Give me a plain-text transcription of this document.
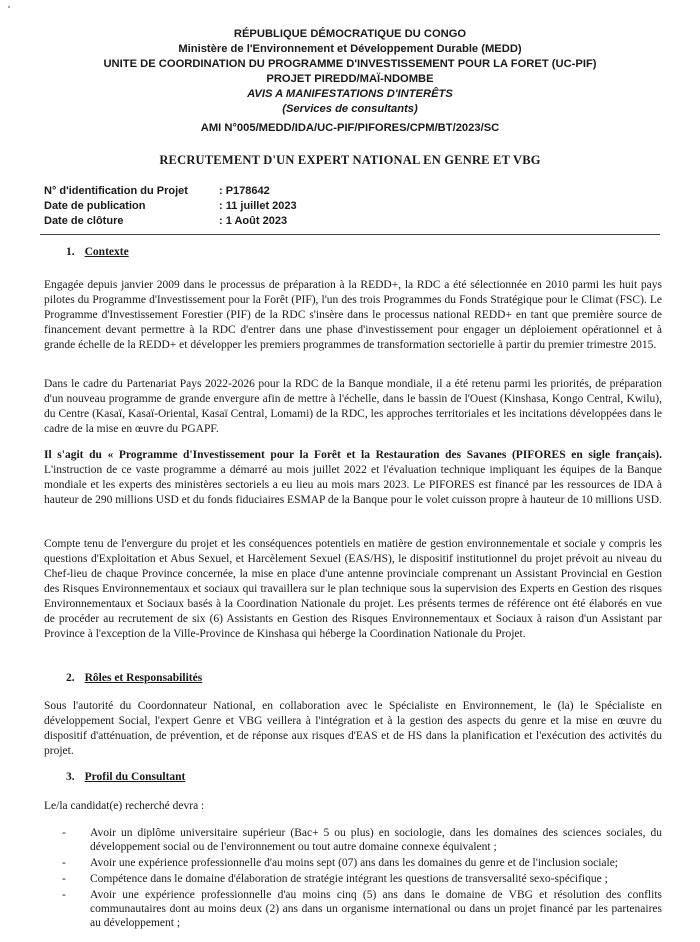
RÉPUBLIQUE DÉMOCRATIQUE DU CONGO
Ministère de l'Environnement et Développement Durable (MEDD)
UNITE DE COORDINATION DU PROGRAMME D'INVESTISSEMENT POUR LA FORET (UC-PIF)
PROJET PIREDD/MAÏ-NDOMBE
AVIS A MANIFESTATIONS D'INTERÊTS
(Services de consultants)
AMI N°005/MEDD/IDA/UC-PIF/PIFORES/CPM/BT/2023/SC
RECRUTEMENT D'UN EXPERT NATIONAL EN GENRE ET VBG
N° d'identification du Projet	: P178642
Date de publication	: 11 juillet 2023
Date de clôture	: 1 Août 2023
1. Contexte
Engagée depuis janvier 2009 dans le processus de préparation à la REDD+, la RDC a été sélectionnée en 2010 parmi les huit pays pilotes du Programme d'Investissement pour la Forêt (PIF), l'un des trois Programmes du Fonds Stratégique pour le Climat (FSC). Le Programme d'Investissement Forestier (PIF) de la RDC s'insère dans le processus national REDD+ en tant que première source de financement devant permettre à la RDC d'entrer dans une phase d'investissement pour engager un déploiement opérationnel et à grande échelle de la REDD+ et développer les premiers programmes de transformation sectorielle à partir du premier trimestre 2015.
Dans le cadre du Partenariat Pays 2022-2026 pour la RDC de la Banque mondiale, il a été retenu parmi les priorités, de préparation d'un nouveau programme de grande envergure afin de mettre à l'échelle, dans le bassin de l'Ouest (Kinshasa, Kongo Central, Kwilu), du Centre (Kasaï, Kasaï-Oriental, Kasaï Central, Lomami) de la RDC, les approches territoriales et les incitations développées dans le cadre de la mise en œuvre du PGAPF.
Il s'agit du « Programme d'Investissement pour la Forêt et la Restauration des Savanes (PIFORES en sigle français). L'instruction de ce vaste programme a démarré au mois juillet 2022 et l'évaluation technique impliquant les équipes de la Banque mondiale et les experts des ministères sectoriels a eu lieu au mois mars 2023. Le PIFORES est financé par les ressources de IDA à hauteur de 290 millions USD et du fonds fiduciaires ESMAP de la Banque pour le volet cuisson propre à hauteur de 10 millions USD.
Compte tenu de l'envergure du projet et les conséquences potentiels en matière de gestion environnementale et sociale y compris les questions d'Exploitation et Abus Sexuel, et Harcèlement Sexuel (EAS/HS), le dispositif institutionnel du projet prévoit au niveau du Chef-lieu de chaque Province concernée, la mise en place d'une antenne provinciale comprenant un Assistant Provincial en Gestion des Risques Environnementaux et sociaux qui travaillera sur le plan technique sous la supervision des Experts en Gestion des risques Environnementaux et Sociaux basés à la Coordination Nationale du projet. Les présents termes de référence ont été élaborés en vue de procéder au recrutement de six (6) Assistants en Gestion des Risques Environnementaux et Sociaux à raison d'un Assistant par Province à l'exception de la Ville-Province de Kinshasa qui héberge la Coordination Nationale du Projet.
2. Rôles et Responsabilités
Sous l'autorité du Coordonnateur National, en collaboration avec le Spécialiste en Environnement, le (la) le Spécialiste en développement Social, l'expert Genre et VBG veillera à l'intégration et à la gestion des aspects du genre et la mise en œuvre du dispositif d'atténuation, de prévention, et de réponse aux risques d'EAS et de HS dans la planification et l'exécution des activités du projet.
3. Profil du Consultant
Le/la candidat(e) recherché devra :
- Avoir un diplôme universitaire supérieur (Bac+ 5 ou plus) en sociologie, dans les domaines des sciences sociales, du développement social ou de l'environnement ou tout autre domaine connexe équivalent ;
- Avoir une expérience professionnelle d'au moins sept (07) ans dans les domaines du genre et de l'inclusion sociale;
- Compétence dans le domaine d'élaboration de stratégie intégrant les questions de transversalité sexo-spécifique ;
- Avoir une expérience professionnelle d'au moins cinq (5) ans dans le domaine de VBG et résolution des conflits communautaires dont au moins deux (2) ans dans un organisme international ou dans un projet financé par les partenaires au développement ;
